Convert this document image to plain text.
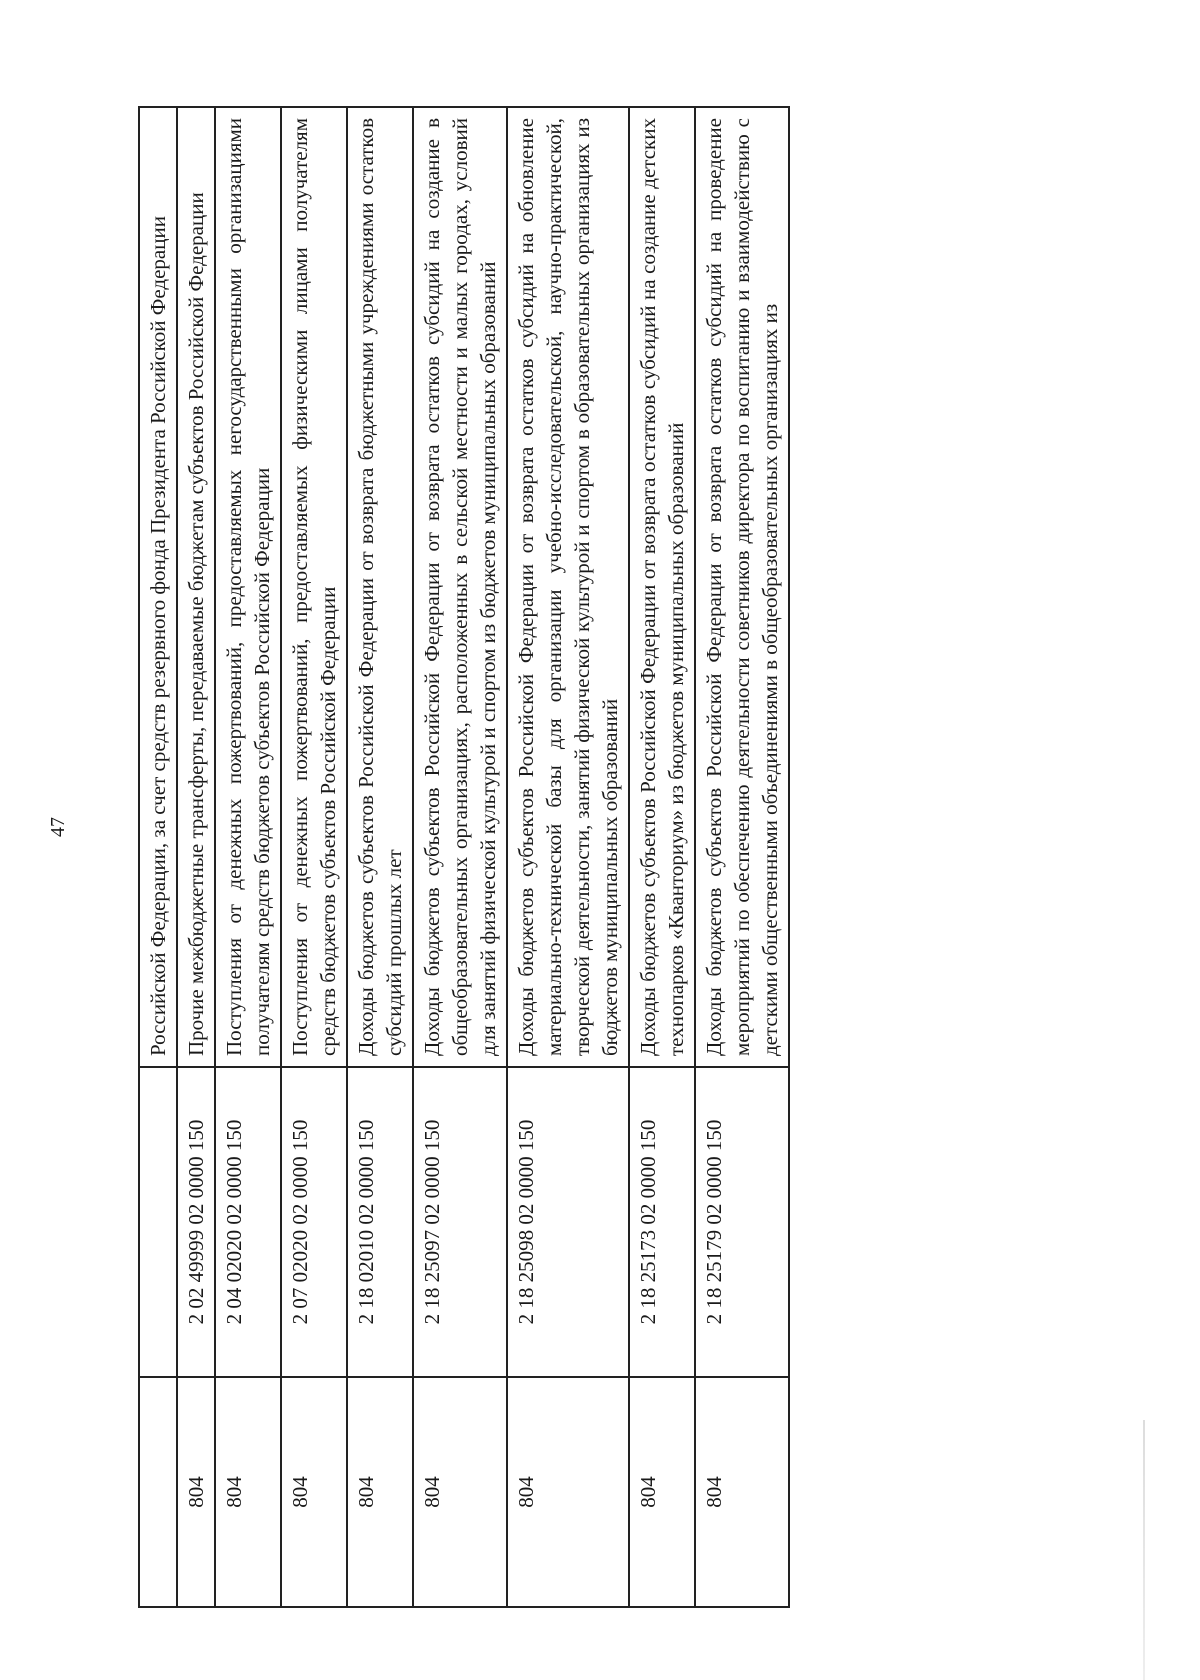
47
			Российской Федерации, за счет средств резервного фонда Президента Российской Федерации
804	2 02 49999 02 0000 150	Прочие межбюджетные трансферты, передаваемые бюджетам субъектов Российской Федерации
804	2 04 02020 02 0000 150	Поступления от денежных пожертвований, предоставляемых негосударственными организациями получателям средств бюджетов субъектов Российской Федерации
804	2 07 02020 02 0000 150	Поступления от денежных пожертвований, предоставляемых физическими лицами получателям средств бюджетов субъектов Российской Федерации
804	2 18 02010 02 0000 150	Доходы бюджетов субъектов Российской Федерации от возврата бюджетными учреждениями остатков субсидий прошлых лет
804	2 18 25097 02 0000 150	Доходы бюджетов субъектов Российской Федерации от возврата остатков субсидий на создание в общеобразовательных организациях, расположенных в сельской местности и малых городах, условий для занятий физической культурой и спортом из бюджетов муниципальных образований
804	2 18 25098 02 0000 150	Доходы бюджетов субъектов Российской Федерации от возврата остатков субсидий на обновление материально-технической базы для организации учебно-исследовательской, научно-практической, творческой деятельности, занятий физической культурой и спортом в образовательных организациях из бюджетов муниципальных образований
804	2 18 25173 02 0000 150	Доходы бюджетов субъектов Российской Федерации от возврата остатков субсидий на создание детских технопарков «Кванториум» из бюджетов муниципальных образований
804	2 18 25179 02 0000 150	Доходы бюджетов субъектов Российской Федерации от возврата остатков субсидий на проведение мероприятий по обеспечению деятельности советников директора по воспитанию и взаимодействию с детскими общественными объединениями в общеобразовательных организациях из
